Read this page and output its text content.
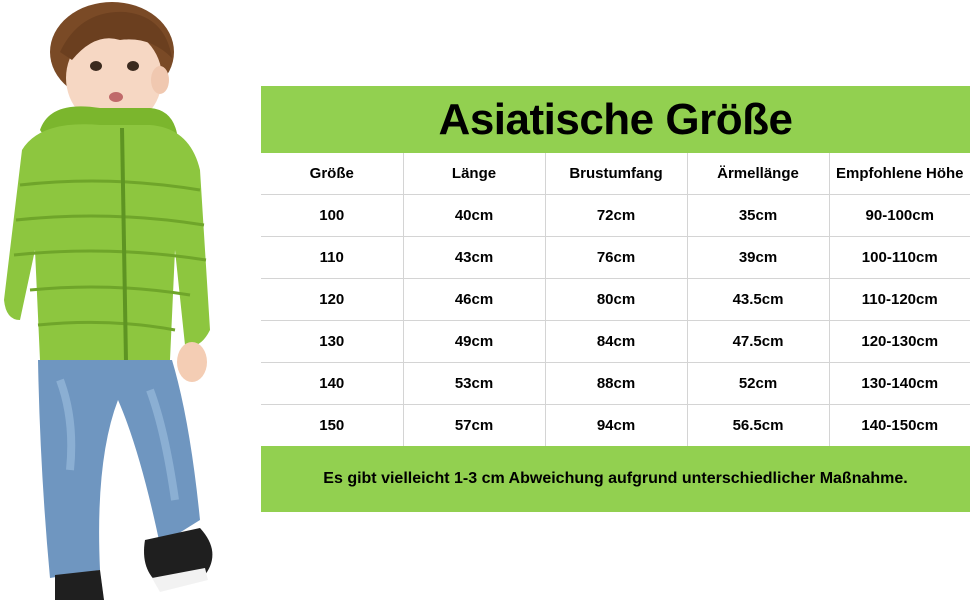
Asiatische Größe
Größe	Länge	Brustumfang	Ärmellänge	Empfohlene Höhe
100	40cm	72cm	35cm	90-100cm
110	43cm	76cm	39cm	100-110cm
120	46cm	80cm	43.5cm	110-120cm
130	49cm	84cm	47.5cm	120-130cm
140	53cm	88cm	52cm	130-140cm
150	57cm	94cm	56.5cm	140-150cm
Es gibt vielleicht 1-3 cm Abweichung aufgrund unterschiedlicher Maßnahme.
